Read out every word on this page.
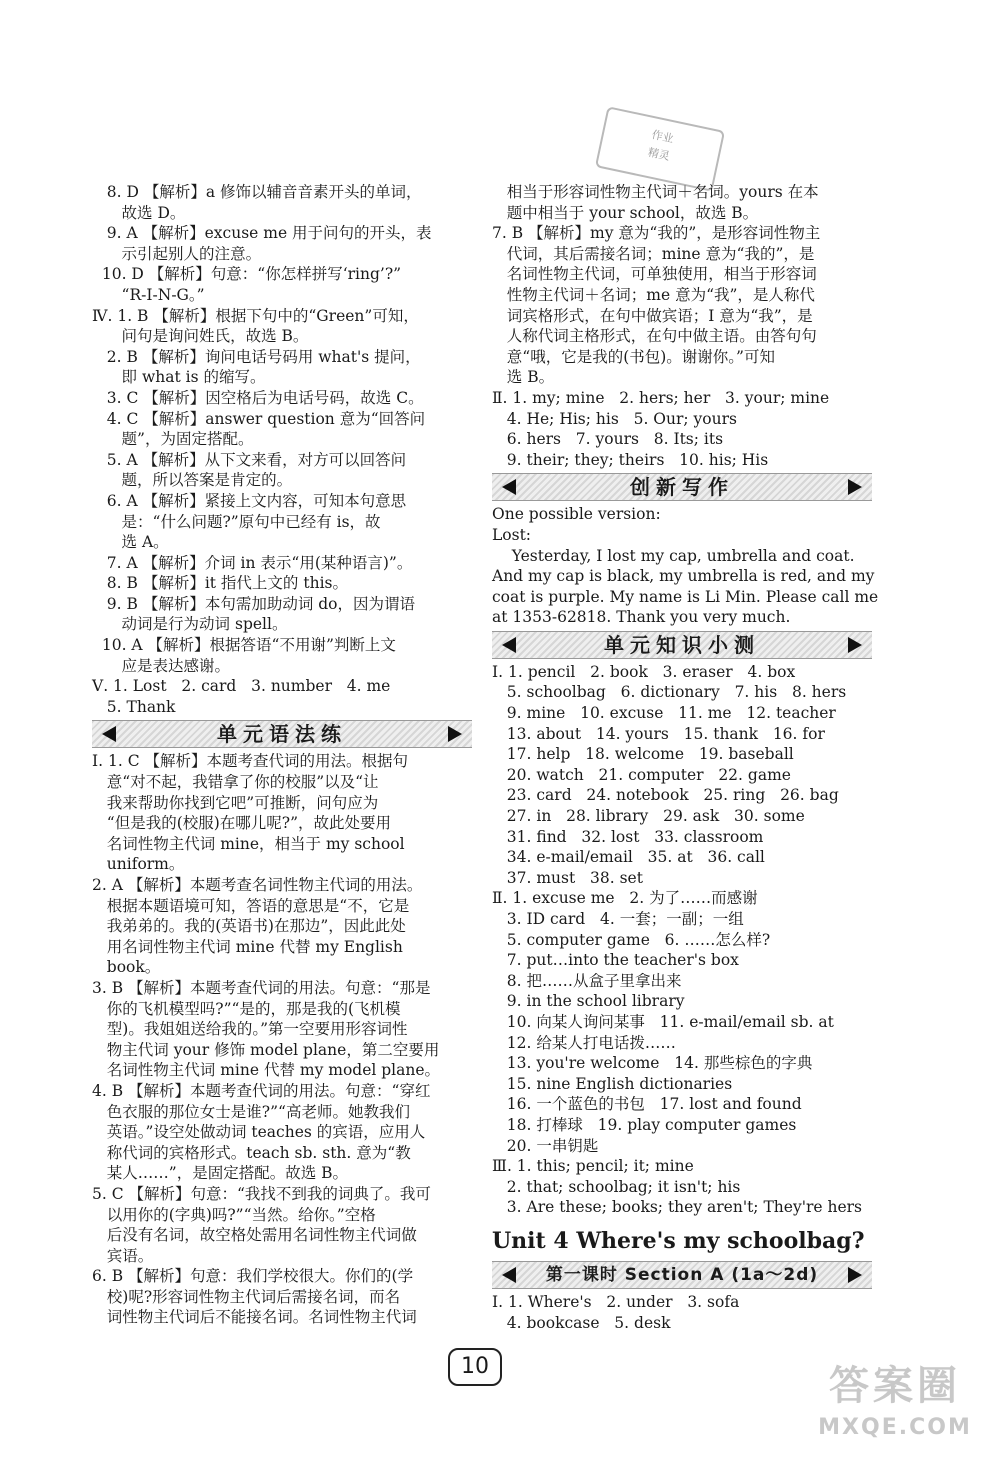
作业
精灵
8. D 【解析】a 修饰以辅音音素开头的单词，
故选 D。
9. A 【解析】excuse me 用于问句的开头，表
示引起别人的注意。
10. D 【解析】句意：“你怎样拼写‘ring’?”
“R-I-N-G。”
Ⅳ. 1. B 【解析】根据下句中的“Green”可知，
问句是询问姓氏，故选 B。
2. B 【解析】询问电话号码用 what's 提问，
即 what is 的缩写。
3. C 【解析】因空格后为电话号码，故选 C。
4. C 【解析】answer question 意为“回答问
题”，为固定搭配。
5. A 【解析】从下文来看，对方可以回答问
题，所以答案是肯定的。
6. A 【解析】紧接上文内容，可知本句意思
是：“什么问题?”原句中已经有 is，故
选 A。
7. A 【解析】介词 in 表示“用(某种语言)”。
8. B 【解析】it 指代上文的 this。
9. B 【解析】本句需加助动词 do，因为谓语
动词是行为动词 spell。
10. A 【解析】根据答语“不用谢”判断上文
应是表达感谢。
Ⅴ. 1. Lost   2. card   3. number   4. me
5. Thank
单元语法练
Ⅰ. 1. C 【解析】本题考查代词的用法。根据句
意“对不起，我错拿了你的校服”以及“让
我来帮助你找到它吧”可推断，问句应为
“但是我的(校服)在哪儿呢?”，故此处要用
名词性物主代词 mine，相当于 my school
uniform。
2. A 【解析】本题考查名词性物主代词的用法。
根据本题语境可知，答语的意思是“不，它是
我弟弟的。我的(英语书)在那边”，因此此处
用名词性物主代词 mine 代替 my English
book。
3. B 【解析】本题考查代词的用法。句意：“那是
你的飞机模型吗?”“是的，那是我的(飞机模
型)。我姐姐送给我的。”第一空要用形容词性
物主代词 your 修饰 model plane，第二空要用
名词性物主代词 mine 代替 my model plane。
4. B 【解析】本题考查代词的用法。句意：“穿红
色衣服的那位女士是谁?”“高老师。她教我们
英语。”设空处做动词 teaches 的宾语，应用人
称代词的宾格形式。teach sb. sth. 意为“教
某人……”，是固定搭配。故选 B。
5. C 【解析】句意：“我找不到我的词典了。我可
以用你的(字典)吗?”“当然。给你。”空格
后没有名词，故空格处需用名词性物主代词做
宾语。
6. B 【解析】句意：我们学校很大。你们的(学
校)呢?形容词性物主代词后需接名词，而名
词性物主代词后不能接名词。名词性物主代词
相当于形容词性物主代词＋名词。yours 在本
题中相当于 your school，故选 B。
7. B 【解析】my 意为“我的”，是形容词性物主
代词，其后需接名词；mine 意为“我的”，是
名词性物主代词，可单独使用，相当于形容词
性物主代词＋名词；me 意为“我”，是人称代
词宾格形式，在句中做宾语；I 意为“我”，是
人称代词主格形式，在句中做主语。由答句句
意“哦，它是我的(书包)。谢谢你。”可知
选 B。
Ⅱ. 1. my; mine   2. hers; her   3. your; mine
4. He; His; his   5. Our; yours
6. hers   7. yours   8. Its; its
9. their; they; theirs   10. his; His
创新写作
One possible version:
Lost:
Yesterday, I lost my cap, umbrella and coat.
And my cap is black, my umbrella is red, and my
coat is purple. My name is Li Min. Please call me
at 1353-62818. Thank you very much.
单元知识小测
Ⅰ. 1. pencil   2. book   3. eraser   4. box
5. schoolbag   6. dictionary   7. his   8. hers
9. mine   10. excuse   11. me   12. teacher
13. about   14. yours   15. thank   16. for
17. help   18. welcome   19. baseball
20. watch   21. computer   22. game
23. card   24. notebook   25. ring   26. bag
27. in   28. library   29. ask   30. some
31. find   32. lost   33. classroom
34. e-mail/email   35. at   36. call
37. must   38. set
Ⅱ. 1. excuse me   2. 为了……而感谢
3. ID card   4. 一套；一副；一组
5. computer game   6. ……怎么样?
7. put…into the teacher's box
8. 把……从盒子里拿出来
9. in the school library
10. 向某人询问某事   11. e-mail/email sb. at
12. 给某人打电话拨……
13. you're welcome   14. 那些棕色的字典
15. nine English dictionaries
16. 一个蓝色的书包   17. lost and found
18. 打棒球   19. play computer games
20. 一串钥匙
Ⅲ. 1. this; pencil; it; mine
2. that; schoolbag; it isn't; his
3. Are these; books; they aren't; They're hers
Unit 4 Where's my schoolbag?
第一课时 Section A (1a～2d)
Ⅰ. 1. Where's   2. under   3. sofa
4. bookcase   5. desk
10	答案圈
MXQE.COM
